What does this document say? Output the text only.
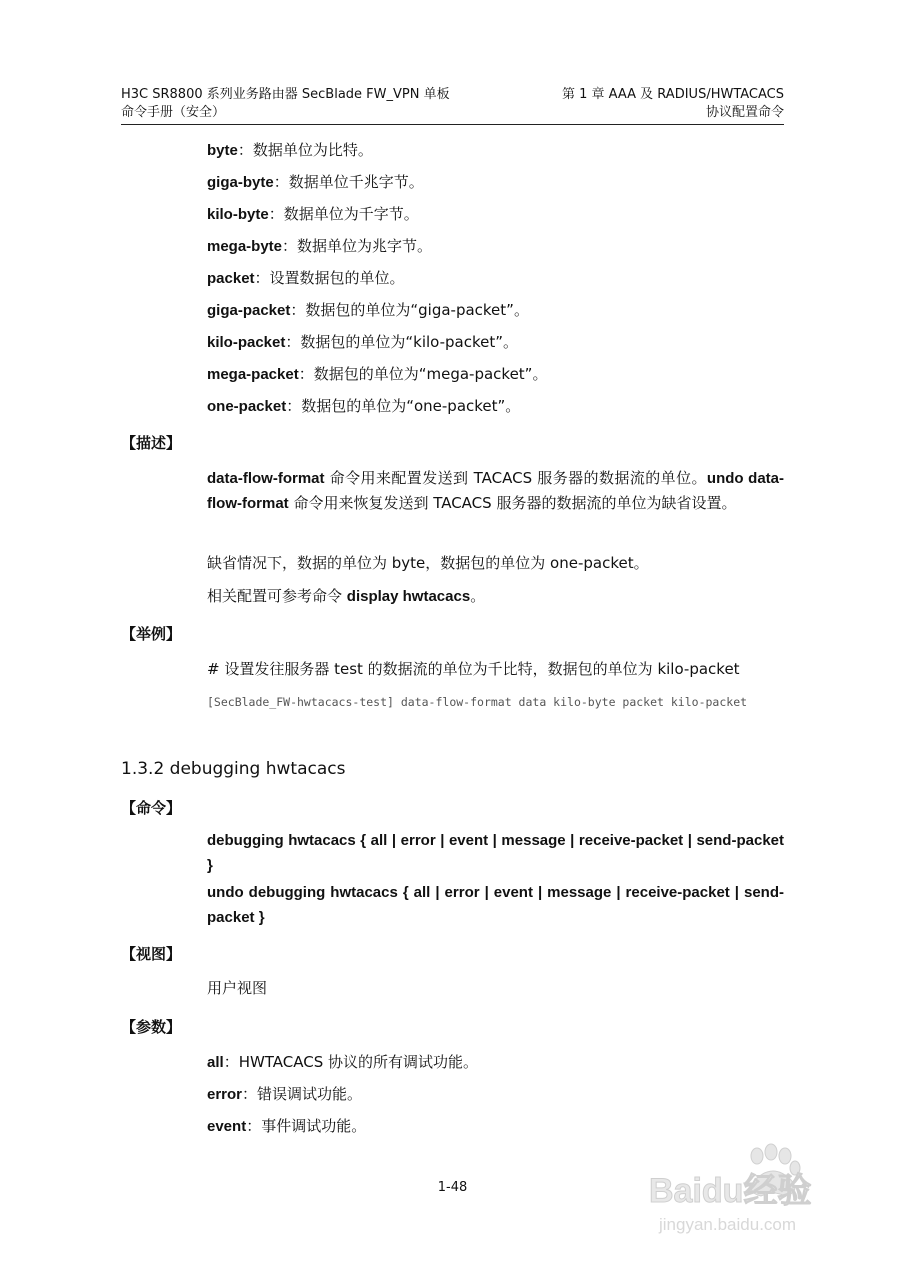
H3C SR8800 系列业务路由器 SecBlade FW_VPN 单板
命令手册（安全）
第 1 章 AAA 及 RADIUS/HWTACACS
协议配置命令
byte：数据单位为比特。
giga-byte：数据单位千兆字节。
kilo-byte：数据单位为千字节。
mega-byte：数据单位为兆字节。
packet：设置数据包的单位。
giga-packet：数据包的单位为“giga-packet”。
kilo-packet：数据包的单位为“kilo-packet”。
mega-packet：数据包的单位为“mega-packet”。
one-packet：数据包的单位为“one-packet”。
【描述】
data-flow-format 命令用来配置发送到 TACACS 服务器的数据流的单位。undo data-flow-format 命令用来恢复发送到 TACACS 服务器的数据流的单位为缺省设置。
缺省情况下，数据的单位为 byte，数据包的单位为 one-packet。
相关配置可参考命令 display hwtacacs。
【举例】
# 设置发往服务器 test 的数据流的单位为千比特，数据包的单位为 kilo-packet
[SecBlade_FW-hwtacacs-test] data-flow-format data kilo-byte packet kilo-packet
1.3.2 debugging hwtacacs
【命令】
debugging hwtacacs { all | error | event | message | receive-packet | send-packet }
undo debugging hwtacacs { all | error | event | message | receive-packet | send-packet }
【视图】
用户视图
【参数】
all：HWTACACS 协议的所有调试功能。
error：错误调试功能。
event：事件调试功能。
1-48	Baidu经验
jingyan.baidu.com
